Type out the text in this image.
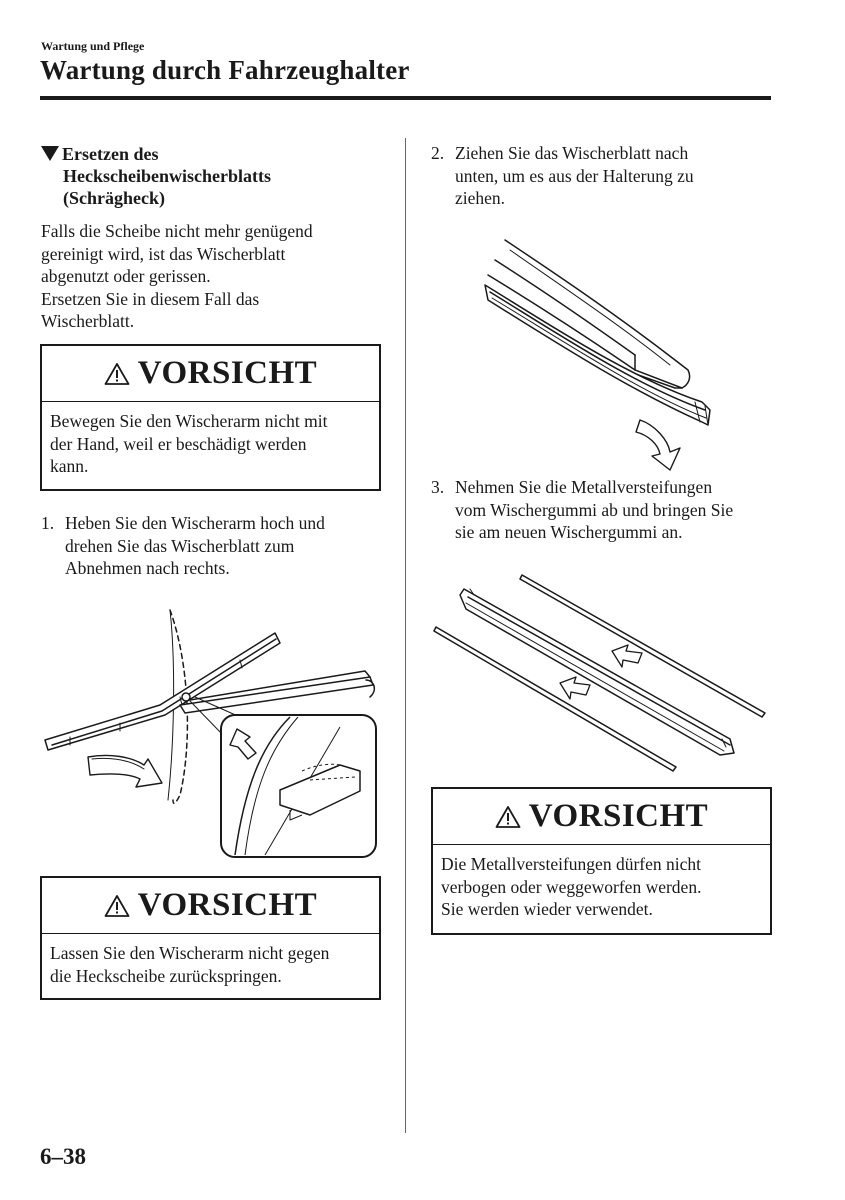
Wartung und Pflege
Wartung durch Fahrzeughalter
Ersetzen des
Heckscheibenwischerblatts
(Schrägheck)
Falls die Scheibe nicht mehr genügend
gereinigt wird, ist das Wischerblatt
abgenutzt oder gerissen.
Ersetzen Sie in diesem Fall das
Wischerblatt.
VORSICHT
Bewegen Sie den Wischerarm nicht mit
der Hand, weil er beschädigt werden
kann.
1. Heben Sie den Wischerarm hoch und
drehen Sie das Wischerblatt zum
Abnehmen nach rechts.
VORSICHT
Lassen Sie den Wischerarm nicht gegen
die Heckscheibe zurückspringen.
2. Ziehen Sie das Wischerblatt nach
unten, um es aus der Halterung zu
ziehen.
3. Nehmen Sie die Metallversteifungen
vom Wischergummi ab und bringen Sie
sie am neuen Wischergummi an.
VORSICHT
Die Metallversteifungen dürfen nicht
verbogen oder weggeworfen werden.
Sie werden wieder verwendet.
6–38
